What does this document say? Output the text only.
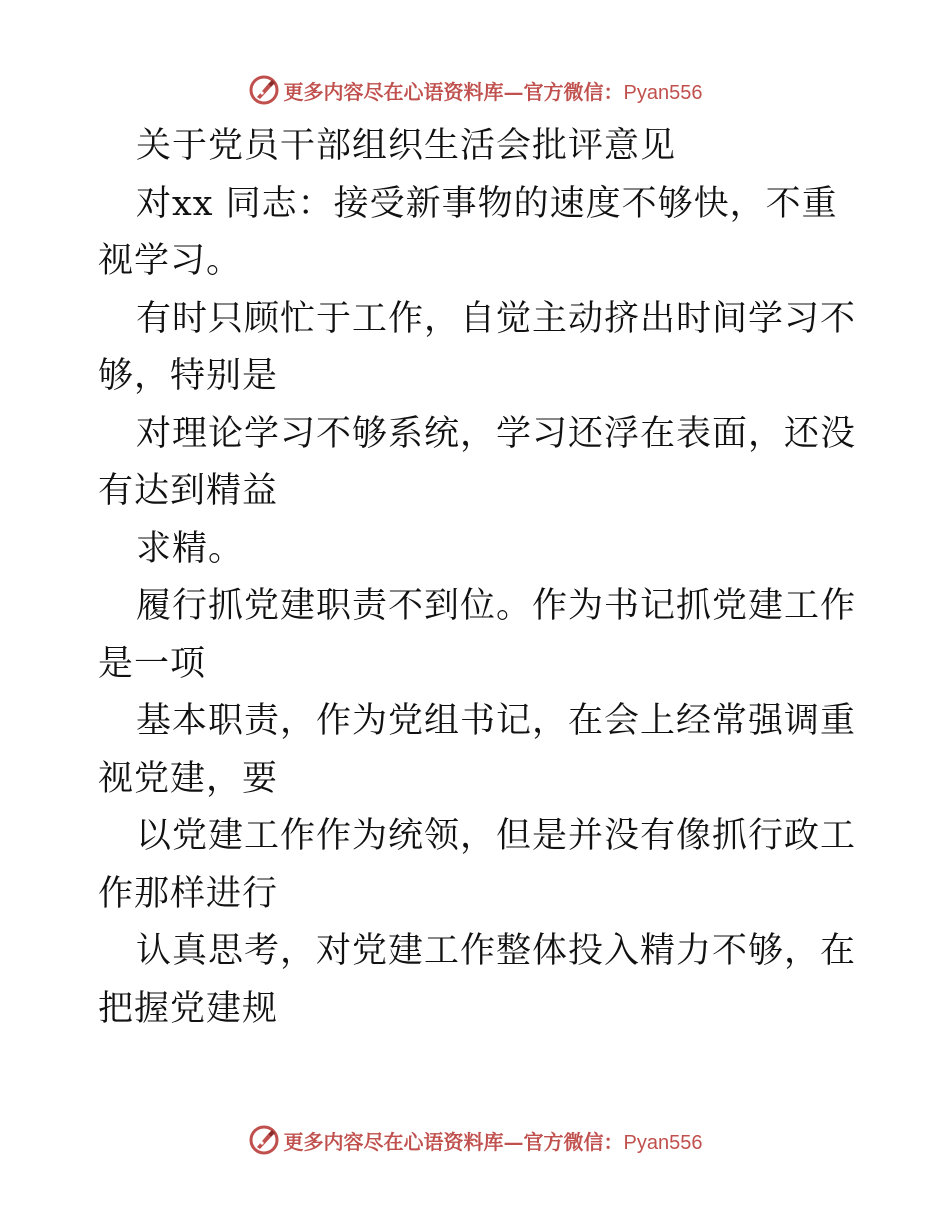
更多内容尽在心语资料库—官方微信：Pyan556

关于党员干部组织生活会批评意见

对xx 同志：接受新事物的速度不够快，不重视学习。

有时只顾忙于工作，自觉主动挤出时间学习不够，特别是

对理论学习不够系统，学习还浮在表面，还没有达到精益

求精。

履行抓党建职责不到位。作为书记抓党建工作是一项

基本职责，作为党组书记，在会上经常强调重视党建，要

以党建工作作为统领，但是并没有像抓行政工作那样进行

认真思考，对党建工作整体投入精力不够，在把握党建规

更多内容尽在心语资料库—官方微信：Pyan556
